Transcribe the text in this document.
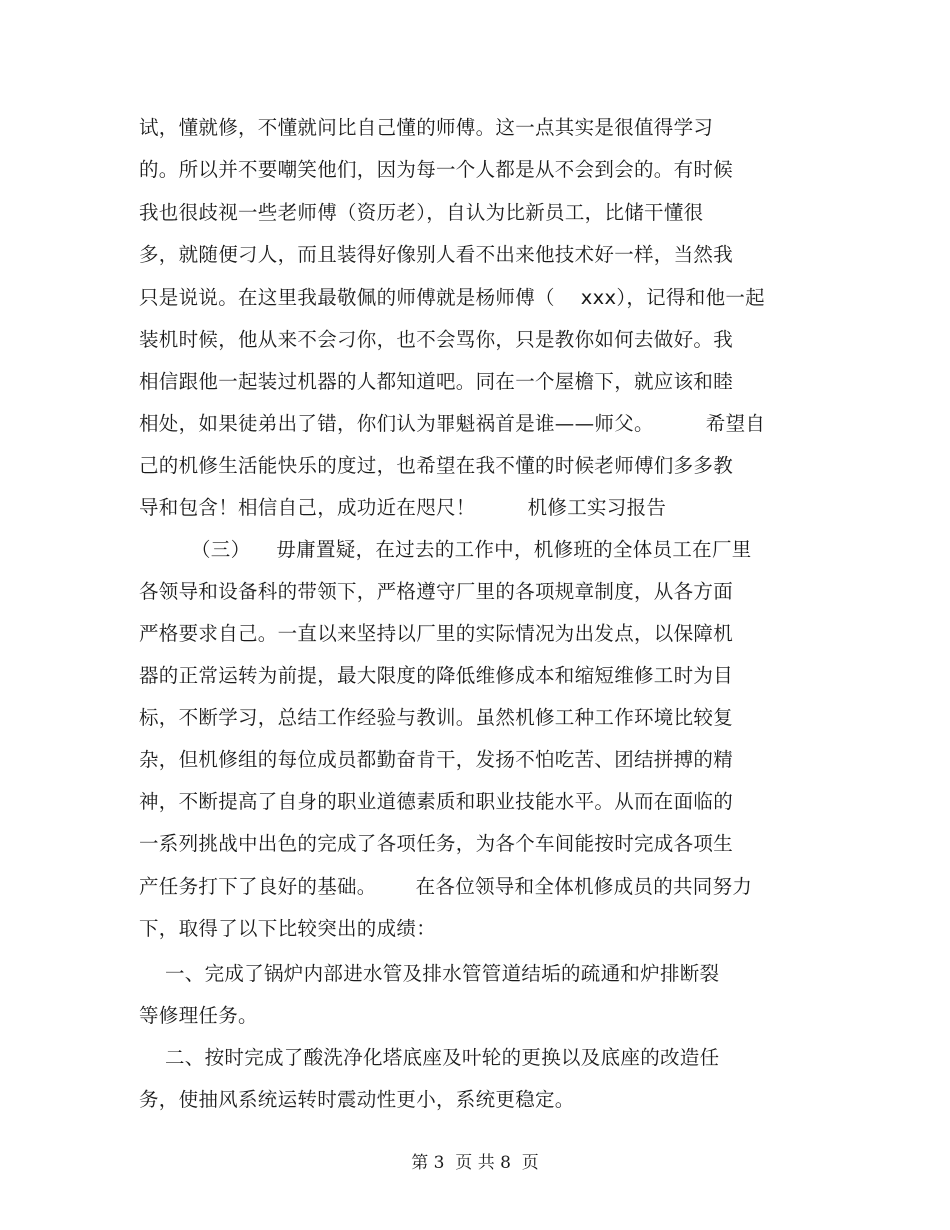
试，懂就修，不懂就问比自己懂的师傅。这一点其实是很值得学习
的。所以并不要嘲笑他们，因为每一个人都是从不会到会的。有时候
我也很歧视一些老师傅（资历老），自认为比新员工，比储干懂很
多，就随便刁人，而且装得好像别人看不出来他技术好一样，当然我
只是说说。在这里我最敬佩的师傅就是杨师傅（    xxx），记得和他一起
装机时候，他从来不会刁你，也不会骂你，只是教你如何去做好。我
相信跟他一起装过机器的人都知道吧。同在一个屋檐下，就应该和睦
相处，如果徒弟出了错，你们认为罪魁祸首是谁——师父。        希望自
己的机修生活能快乐的度过，也希望在我不懂的时候老师傅们多多教
导和包含！相信自己，成功近在咫尺！        机修工实习报告
（三）    毋庸置疑，在过去的工作中，机修班的全体员工在厂里
各领导和设备科的带领下，严格遵守厂里的各项规章制度，从各方面
严格要求自己。一直以来坚持以厂里的实际情况为出发点，以保障机
器的正常运转为前提，最大限度的降低维修成本和缩短维修工时为目
标，不断学习，总结工作经验与教训。虽然机修工种工作环境比较复
杂，但机修组的每位成员都勤奋肯干，发扬不怕吃苦、团结拼搏的精
神，不断提高了自身的职业道德素质和职业技能水平。从而在面临的
一系列挑战中出色的完成了各项任务，为各个车间能按时完成各项生
产任务打下了良好的基础。      在各位领导和全体机修成员的共同努力
下，取得了以下比较突出的成绩：
一、完成了锅炉内部进水管及排水管管道结垢的疏通和炉排断裂
等修理任务。
二、按时完成了酸洗净化塔底座及叶轮的更换以及底座的改造任
务，使抽风系统运转时震动性更小，系统更稳定。
第 3  页 共 8  页
